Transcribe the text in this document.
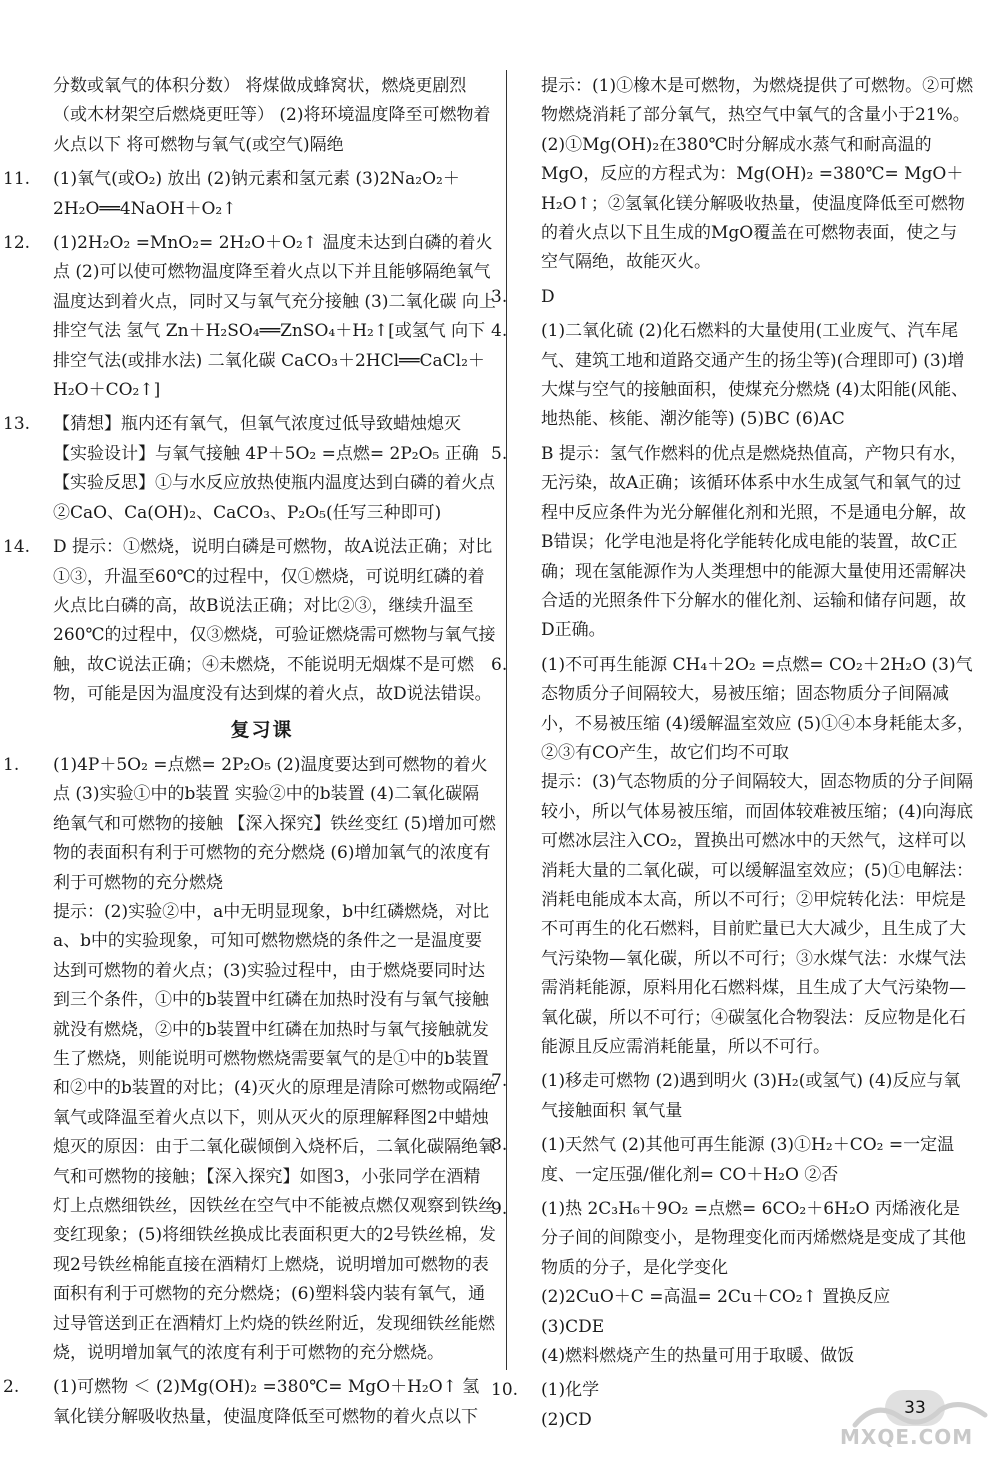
分数或氧气的体积分数） 将煤做成蜂窝状，燃烧更剧烈（或木材架空后燃烧更旺等） (2)将环境温度降至可燃物着火点以下 将可燃物与氧气(或空气)隔绝
11. (1)氧气(或O₂) 放出 (2)钠元素和氢元素 (3)2Na₂O₂＋2H₂O══4NaOH＋O₂↑
12. (1)2H₂O₂ =MnO₂= 2H₂O＋O₂↑ 温度未达到白磷的着火点 (2)可以使可燃物温度降至着火点以下并且能够隔绝氧气 温度达到着火点，同时又与氧气充分接触 (3)二氧化碳 向上排空气法 氢气 Zn＋H₂SO₄══ZnSO₄＋H₂↑[或氢气 向下排空气法(或排水法) 二氧化碳 CaCO₃＋2HCl══CaCl₂＋H₂O＋CO₂↑]
13. 【猜想】瓶内还有氧气，但氧气浓度过低导致蜡烛熄灭 【实验设计】与氧气接触 4P＋5O₂ =点燃= 2P₂O₅ 正确 【实验反思】①与水反应放热使瓶内温度达到白磷的着火点 ②CaO、Ca(OH)₂、CaCO₃、P₂O₅(任写三种即可)
14. D 提示：①燃烧，说明白磷是可燃物，故A说法正确；对比①③，升温至60℃的过程中，仅①燃烧，可说明红磷的着火点比白磷的高，故B说法正确；对比②③，继续升温至260℃的过程中，仅③燃烧，可验证燃烧需可燃物与氧气接触，故C说法正确；④未燃烧，不能说明无烟煤不是可燃物，可能是因为温度没有达到煤的着火点，故D说法错误。
复习课
1. (1)4P＋5O₂ =点燃= 2P₂O₅ (2)温度要达到可燃物的着火点 (3)实验①中的b装置 实验②中的b装置 (4)二氧化碳隔绝氧气和可燃物的接触 【深入探究】铁丝变红 (5)增加可燃物的表面积有利于可燃物的充分燃烧 (6)增加氧气的浓度有利于可燃物的充分燃烧
提示：(2)实验②中，a中无明显现象，b中红磷燃烧，对比a、b中的实验现象，可知可燃物燃烧的条件之一是温度要达到可燃物的着火点；(3)实验过程中，由于燃烧要同时达到三个条件，①中的b装置中红磷在加热时没有与氧气接触就没有燃烧，②中的b装置中红磷在加热时与氧气接触就发生了燃烧，则能说明可燃物燃烧需要氧气的是①中的b装置和②中的b装置的对比；(4)灭火的原理是清除可燃物或隔绝氧气或降温至着火点以下，则从灭火的原理解释图2中蜡烛熄灭的原因：由于二氧化碳倾倒入烧杯后，二氧化碳隔绝氧气和可燃物的接触；【深入探究】如图3，小张同学在酒精灯上点燃细铁丝，因铁丝在空气中不能被点燃仅观察到铁丝变红现象；(5)将细铁丝换成比表面积更大的2号铁丝棉，发现2号铁丝棉能直接在酒精灯上燃烧，说明增加可燃物的表面积有利于可燃物的充分燃烧；(6)塑料袋内装有氧气，通过导管送到正在酒精灯上灼烧的铁丝附近，发现细铁丝能燃烧，说明增加氧气的浓度有利于可燃物的充分燃烧。
2. (1)可燃物 ＜ (2)Mg(OH)₂ =380℃= MgO＋H₂O↑ 氢氧化镁分解吸收热量，使温度降低至可燃物的着火点以下
提示：(1)①橡木是可燃物，为燃烧提供了可燃物。②可燃物燃烧消耗了部分氧气，热空气中氧气的含量小于21%。(2)①Mg(OH)₂在380℃时分解成水蒸气和耐高温的MgO，反应的方程式为：Mg(OH)₂ =380℃= MgO＋H₂O↑；②氢氧化镁分解吸收热量，使温度降低至可燃物的着火点以下且生成的MgO覆盖在可燃物表面，使之与空气隔绝，故能灭火。
3. D
4. (1)二氧化硫 (2)化石燃料的大量使用(工业废气、汽车尾气、建筑工地和道路交通产生的扬尘等)(合理即可) (3)增大煤与空气的接触面积，使煤充分燃烧 (4)太阳能(风能、地热能、核能、潮汐能等) (5)BC (6)AC
5. B 提示：氢气作燃料的优点是燃烧热值高，产物只有水，无污染，故A正确；该循环体系中水生成氢气和氧气的过程中反应条件为光分解催化剂和光照，不是通电分解，故B错误；化学电池是将化学能转化成电能的装置，故C正确；现在氢能源作为人类理想中的能源大量使用还需解决合适的光照条件下分解水的催化剂、运输和储存问题，故D正确。
6. (1)不可再生能源 CH₄＋2O₂ =点燃= CO₂＋2H₂O (3)气态物质分子间隔较大，易被压缩；固态物质分子间隔减小，不易被压缩 (4)缓解温室效应 (5)①④本身耗能太多，②③有CO产生，故它们均不可取
提示：(3)气态物质的分子间隔较大，固态物质的分子间隔较小，所以气体易被压缩，而固体较难被压缩；(4)向海底可燃冰层注入CO₂，置换出可燃冰中的天然气，这样可以消耗大量的二氧化碳，可以缓解温室效应；(5)①电解法：消耗电能成本太高，所以不可行；②甲烷转化法：甲烷是不可再生的化石燃料，目前贮量已大大减少，且生成了大气污染物—氧化碳，所以不可行；③水煤气法：水煤气法需消耗能源，原料用化石燃料煤，且生成了大气污染物—氧化碳，所以不可行；④碳氢化合物裂法：反应物是化石能源且反应需消耗能量，所以不可行。
7. (1)移走可燃物 (2)遇到明火 (3)H₂(或氢气) (4)反应与氧气接触面积 氧气量
8. (1)天然气 (2)其他可再生能源 (3)①H₂＋CO₂ =一定温度、一定压强/催化剂= CO＋H₂O ②否
9. (1)热 2C₃H₆＋9O₂ =点燃= 6CO₂＋6H₂O 丙烯液化是分子间的间隙变小，是物理变化而丙烯燃烧是变成了其他物质的分子，是化学变化
(2)2CuO＋C =高温= 2Cu＋CO₂↑ 置换反应
(3)CDE
(4)燃料燃烧产生的热量可用于取暖、做饭
10. (1)化学
(2)CD
33
MXQE.COM
